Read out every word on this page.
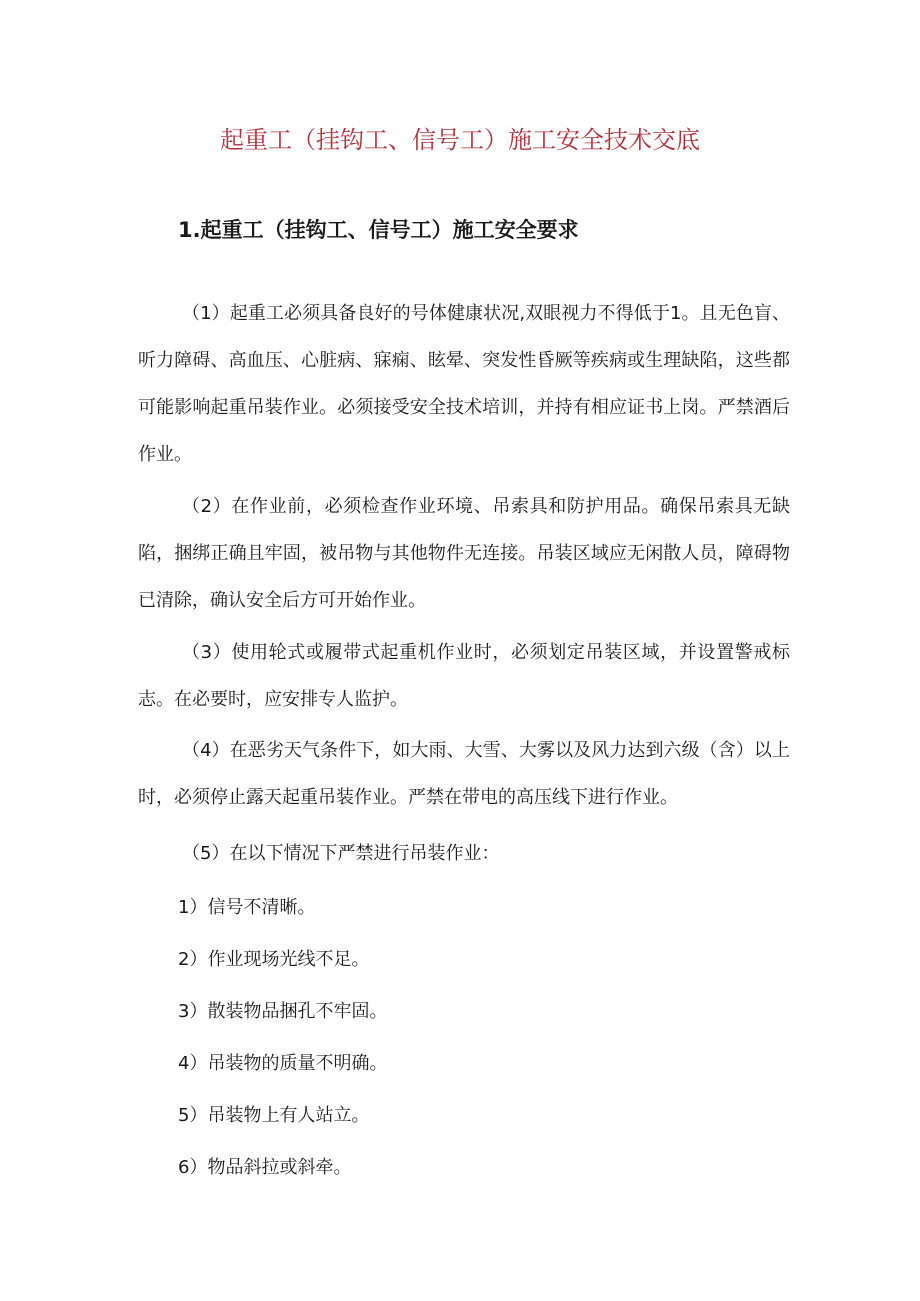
起重工（挂钩工、信号工）施工安全技术交底
1.起重工（挂钩工、信号工）施工安全要求

（1）起重工必须具备良好的号体健康状况,双眼视力不得低于1。且无色盲、听力障碍、高血压、心脏病、寐痫、眩晕、突发性昏厥等疾病或生理缺陷，这些都可能影响起重吊装作业。必须接受安全技术培训，并持有相应证书上岗。严禁酒后作业。

（2）在作业前，必须检查作业环境、吊索具和防护用品。确保吊索具无缺陷，捆绑正确且牢固，被吊物与其他物件无连接。吊装区域应无闲散人员，障碍物已清除，确认安全后方可开始作业。

（3）使用轮式或履带式起重机作业时，必须划定吊装区域，并设置警戒标志。在必要时，应安排专人监护。

（4）在恶劣天气条件下，如大雨、大雪、大雾以及风力达到六级（含）以上时，必须停止露天起重吊装作业。严禁在带电的高压线下进行作业。

（5）在以下情况下严禁进行吊装作业：

1）信号不清晰。

2）作业现场光线不足。

3）散装物品捆孔不牢固。

4）吊装物的质量不明确。

5）吊装物上有人站立。

6）物品斜拉或斜牵。
